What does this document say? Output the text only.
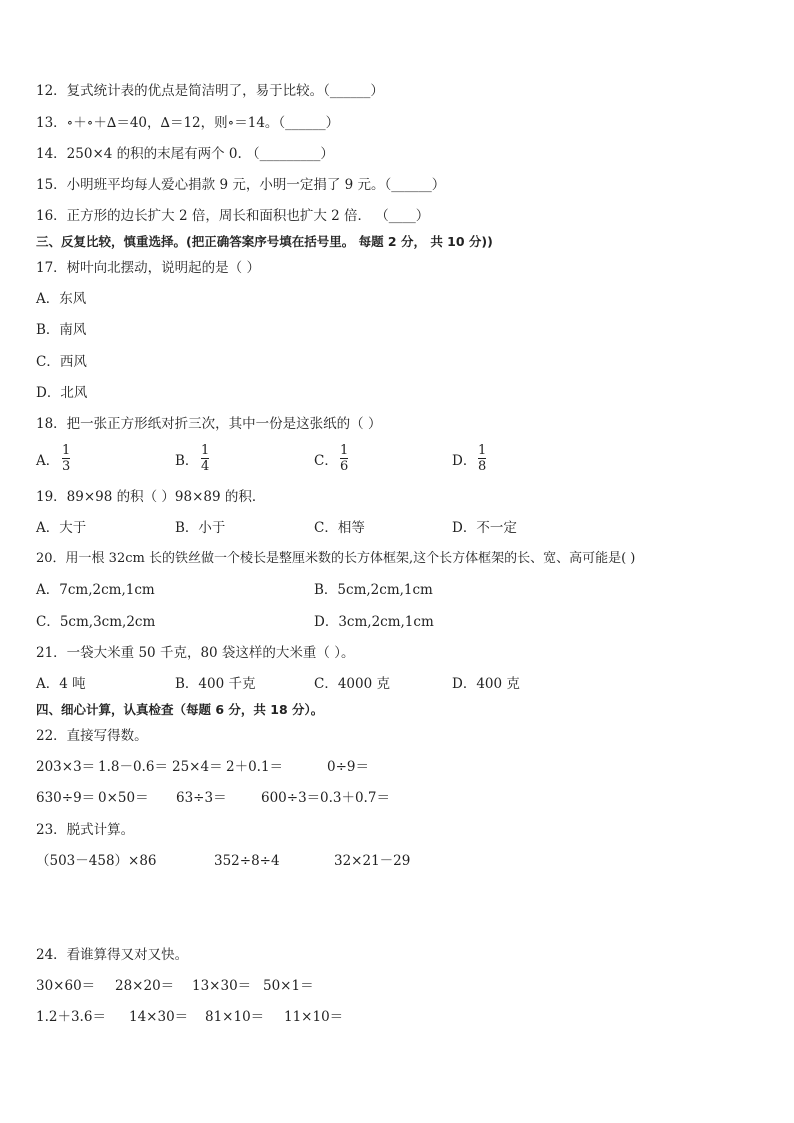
12．复式统计表的优点是简洁明了，易于比较。（______）
13．∘＋∘＋∆＝40，∆＝12，则∘＝14。（______）
14．250×4 的积的末尾有两个 0. （_________）
15．小明班平均每人爱心捐款 9 元，小明一定捐了 9 元。（______）
16．正方形的边长扩大 2 倍，周长和面积也扩大 2 倍． （____）
三、反复比较，慎重选择。(把正确答案序号填在括号里。 每题 2 分， 共 10 分))
17．树叶向北摆动，说明起的是（ ）
A．东风
B．南风
C．西风
D．北风
18．把一张正方形纸对折三次，其中一份是这张纸的（ ）
A．
1
3	B．
1
4	C．
1
6	D．
1
8
19．89×98 的积（ ）98×89 的积．
A．大于	B．小于	C．相等	D．不一定
20．用一根 32cm 长的铁丝做一个棱长是整厘米数的长方体框架,这个长方体框架的长、宽、高可能是( )
A．7cm,2cm,1cm	B．5cm,2cm,1cm
C．5cm,3cm,2cm	D．3cm,2cm,1cm
21．一袋大米重 50 千克，80 袋这样的大米重（ ）。
A．4 吨	B．400 千克	C．4000 克	D．400 克
四、细心计算，认真检查（每题 6 分，共 18 分）。
22．直接写得数。
203×3＝ 1.8－0.6＝ 25×4＝ 2＋0.1＝	0÷9＝
630÷9＝ 0×50＝ 63÷3＝	600÷3＝ 0.3＋0.7＝
23．脱式计算。
（503－458）×86	352÷8÷4	32×21－29
24．看谁算得又对又快。
30×60＝ 28×20＝ 13×30＝ 50×1＝
1.2＋3.6＝ 14×30＝ 81×10＝ 11×10＝
